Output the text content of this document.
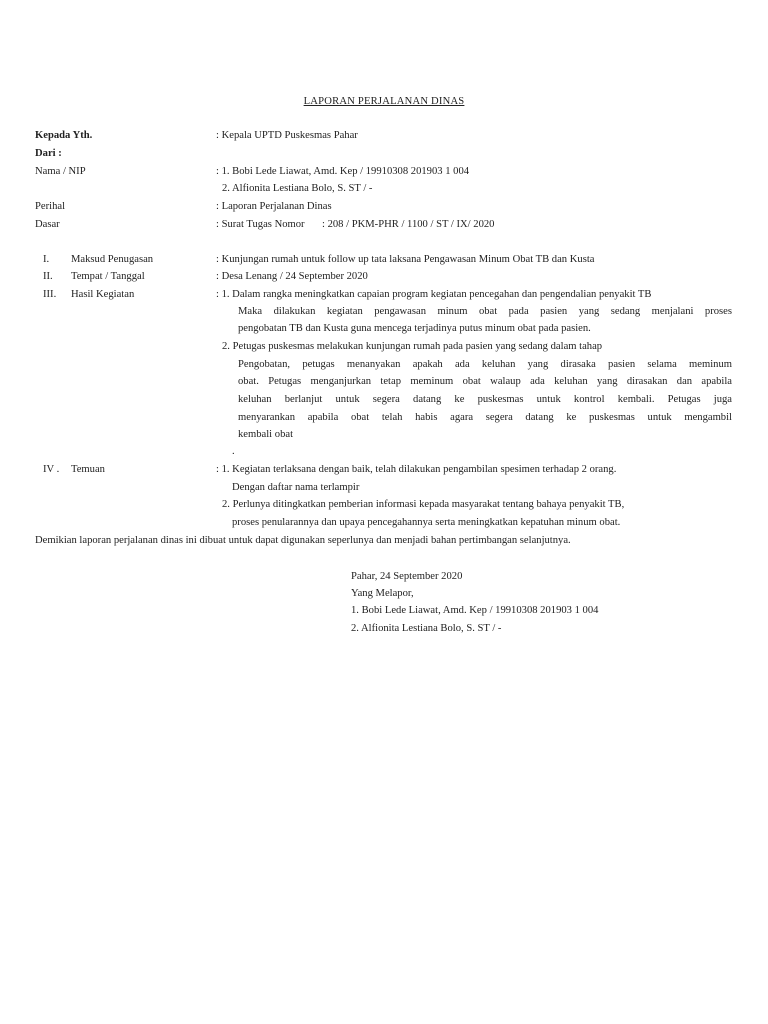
LAPORAN PERJALANAN DINAS
Kepada Yth.	: Kepala UPTD Puskesmas Pahar
Dari :
Nama / NIP	: 1. Bobi Lede Liawat, Amd. Kep / 19910308 201903 1 004
2. Alfionita Lestiana Bolo, S. ST / -
Perihal	: Laporan Perjalanan Dinas
Dasar	: Surat Tugas Nomor : 208 / PKM-PHR / 1100 / ST / IX/ 2020
I. Maksud Penugasan	: Kunjungan rumah untuk follow up tata laksana Pengawasan Minum Obat TB dan Kusta
II. Tempat / Tanggal	: Desa Lenang / 24 September 2020
III. Hasil Kegiatan	: 1. Dalam rangka meningkatkan capaian program kegiatan pencegahan dan pengendalian penyakit TB
Maka dilakukan kegiatan pengawasan minum obat pada pasien yang sedang menjalani proses
pengobatan TB dan Kusta guna mencega terjadinya putus minum obat pada pasien.
2. Petugas puskesmas melakukan kunjungan rumah pada pasien yang sedang dalam tahap
Pengobatan, petugas menanyakan apakah ada keluhan yang dirasaka pasien selama meminum
obat. Petugas menganjurkan tetap meminum obat walaup ada keluhan yang dirasakan dan apabila
keluhan berlanjut untuk segera datang ke puskesmas untuk kontrol kembali. Petugas juga
menyarankan apabila obat telah habis agara segera datang ke puskesmas untuk mengambil
kembali obat
.
IV . Temuan	: 1. Kegiatan terlaksana dengan baik, telah dilakukan pengambilan spesimen terhadap 2 orang.
Dengan daftar nama terlampir
2. Perlunya ditingkatkan pemberian informasi kepada masyarakat tentang bahaya penyakit TB,
proses penularannya dan upaya pencegahannya serta meningkatkan kepatuhan minum obat.
Demikian laporan perjalanan dinas ini dibuat untuk dapat digunakan seperlunya dan menjadi bahan pertimbangan selanjutnya.
Pahar, 24 September 2020
Yang Melapor,
1. Bobi Lede Liawat, Amd. Kep / 19910308 201903 1 004
2. Alfionita Lestiana Bolo, S. ST / -
